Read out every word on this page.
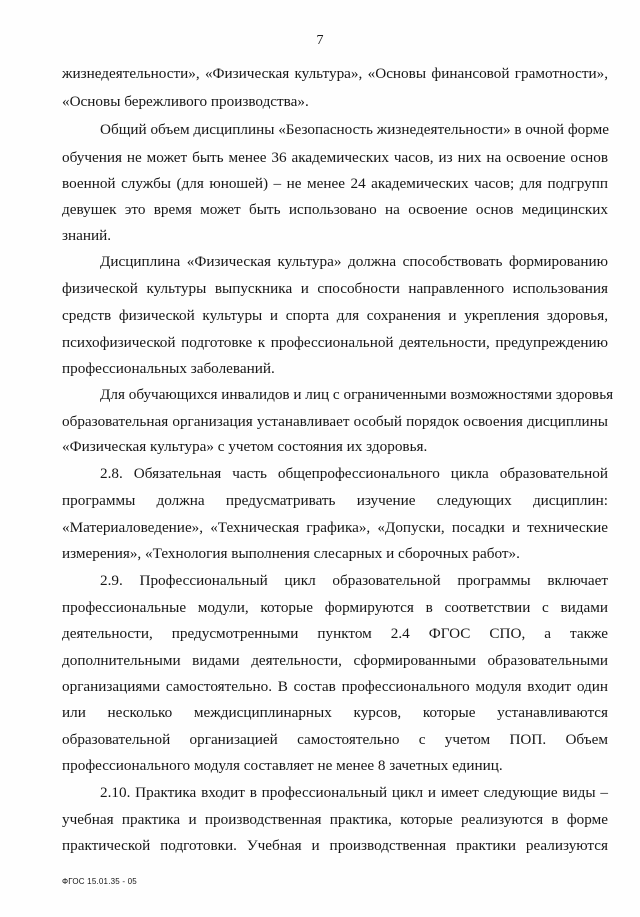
7
жизнедеятельности», «Физическая культура», «Основы финансовой грамотности»,
«Основы бережливого производства».
Общий объем дисциплины «Безопасность жизнедеятельности» в очной форме
обучения не может быть менее 36 академических часов, из них на освоение основ
военной службы (для юношей) – не менее 24 академических часов; для подгрупп
девушек это время может быть использовано на освоение основ медицинских
знаний.
Дисциплина «Физическая культура» должна способствовать формированию
физической культуры выпускника и способности направленного использования
средств физической культуры и спорта для сохранения и укрепления здоровья,
психофизической подготовке к профессиональной деятельности, предупреждению
профессиональных заболеваний.
Для обучающихся инвалидов и лиц с ограниченными возможностями здоровья
образовательная организация устанавливает особый порядок освоения дисциплины
«Физическая культура» с учетом состояния их здоровья.
2.8. Обязательная часть общепрофессионального цикла образовательной
программы должна предусматривать изучение следующих дисциплин:
«Материаловедение», «Техническая графика», «Допуски, посадки и технические
измерения», «Технология выполнения слесарных и сборочных работ».
2.9. Профессиональный цикл образовательной программы включает
профессиональные модули, которые формируются в соответствии с видами
деятельности, предусмотренными пунктом 2.4 ФГОС СПО, а также
дополнительными видами деятельности, сформированными образовательными
организациями самостоятельно. В состав профессионального модуля входит один
или несколько междисциплинарных курсов, которые устанавливаются
образовательной организацией самостоятельно с учетом ПОП. Объем
профессионального модуля составляет не менее 8 зачетных единиц.
2.10. Практика входит в профессиональный цикл и имеет следующие виды –
учебная практика и производственная практика, которые реализуются в форме
практической подготовки. Учебная и производственная практики реализуются
ФГОС 15.01.35 - 05
